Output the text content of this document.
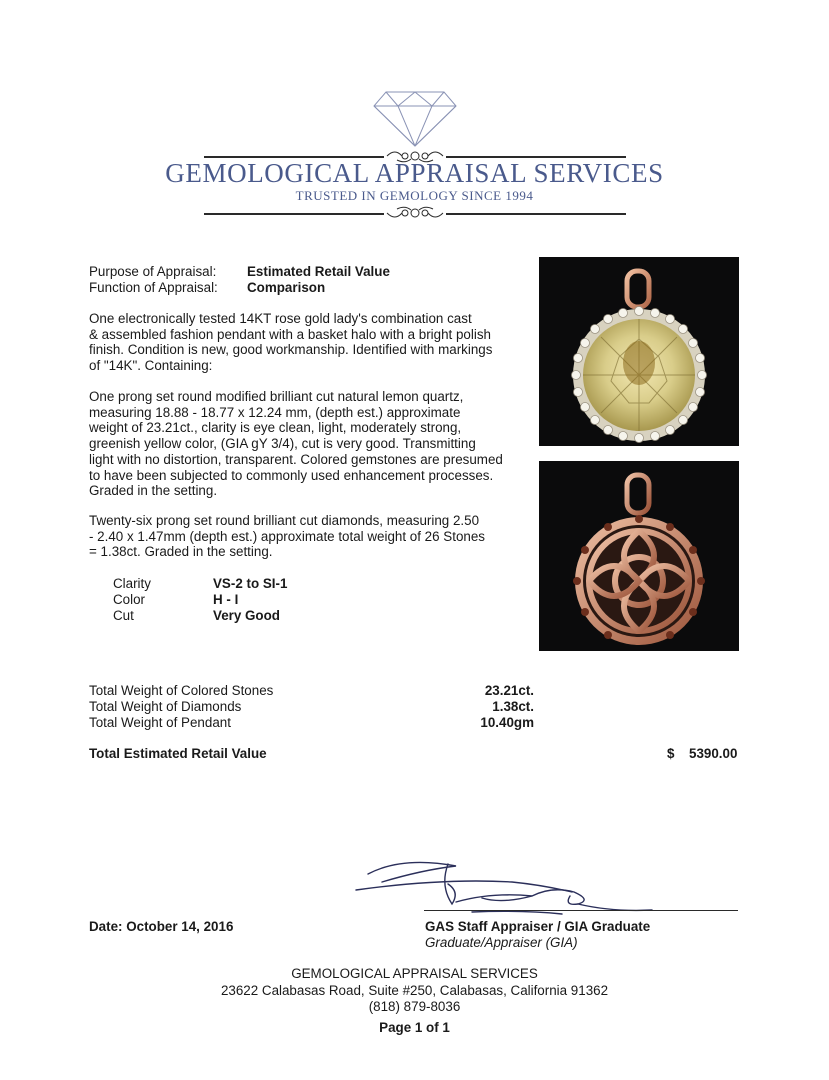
GEMOLOGICAL APPRAISAL SERVICES
TRUSTED IN GEMOLOGY SINCE 1994
Purpose of Appraisal: Estimated Retail Value
Function of Appraisal: Comparison
One electronically tested 14KT rose gold lady's combination cast
& assembled fashion pendant with a basket halo with a bright polish
finish. Condition is new, good workmanship. Identified with markings
of "14K". Containing:
One prong set round modified brilliant cut natural lemon quartz,
measuring 18.88 - 18.77 x 12.24 mm, (depth est.) approximate
weight of 23.21ct., clarity is eye clean, light, moderately strong,
greenish yellow color, (GIA gY 3/4), cut is very good. Transmitting
light with no distortion, transparent. Colored gemstones are presumed
to have been subjected to commonly used enhancement processes.
Graded in the setting.
Twenty-six prong set round brilliant cut diamonds, measuring 2.50
- 2.40 x 1.47mm (depth est.) approximate total weight of 26 Stones
= 1.38ct. Graded in the setting.
Clarity	VS-2 to SI-1
Color	H - I
Cut	Very Good
Total Weight of Colored Stones	23.21ct.
Total Weight of Diamonds	1.38ct.
Total Weight of Pendant	10.40gm
Total Estimated Retail Value	$ 5390.00
Date: October 14, 2016	GAS Staff Appraiser / GIA Graduate
Graduate/Appraiser (GIA)
GEMOLOGICAL APPRAISAL SERVICES
23622 Calabasas Road, Suite #250, Calabasas, California 91362
(818) 879-8036
Page 1 of 1
